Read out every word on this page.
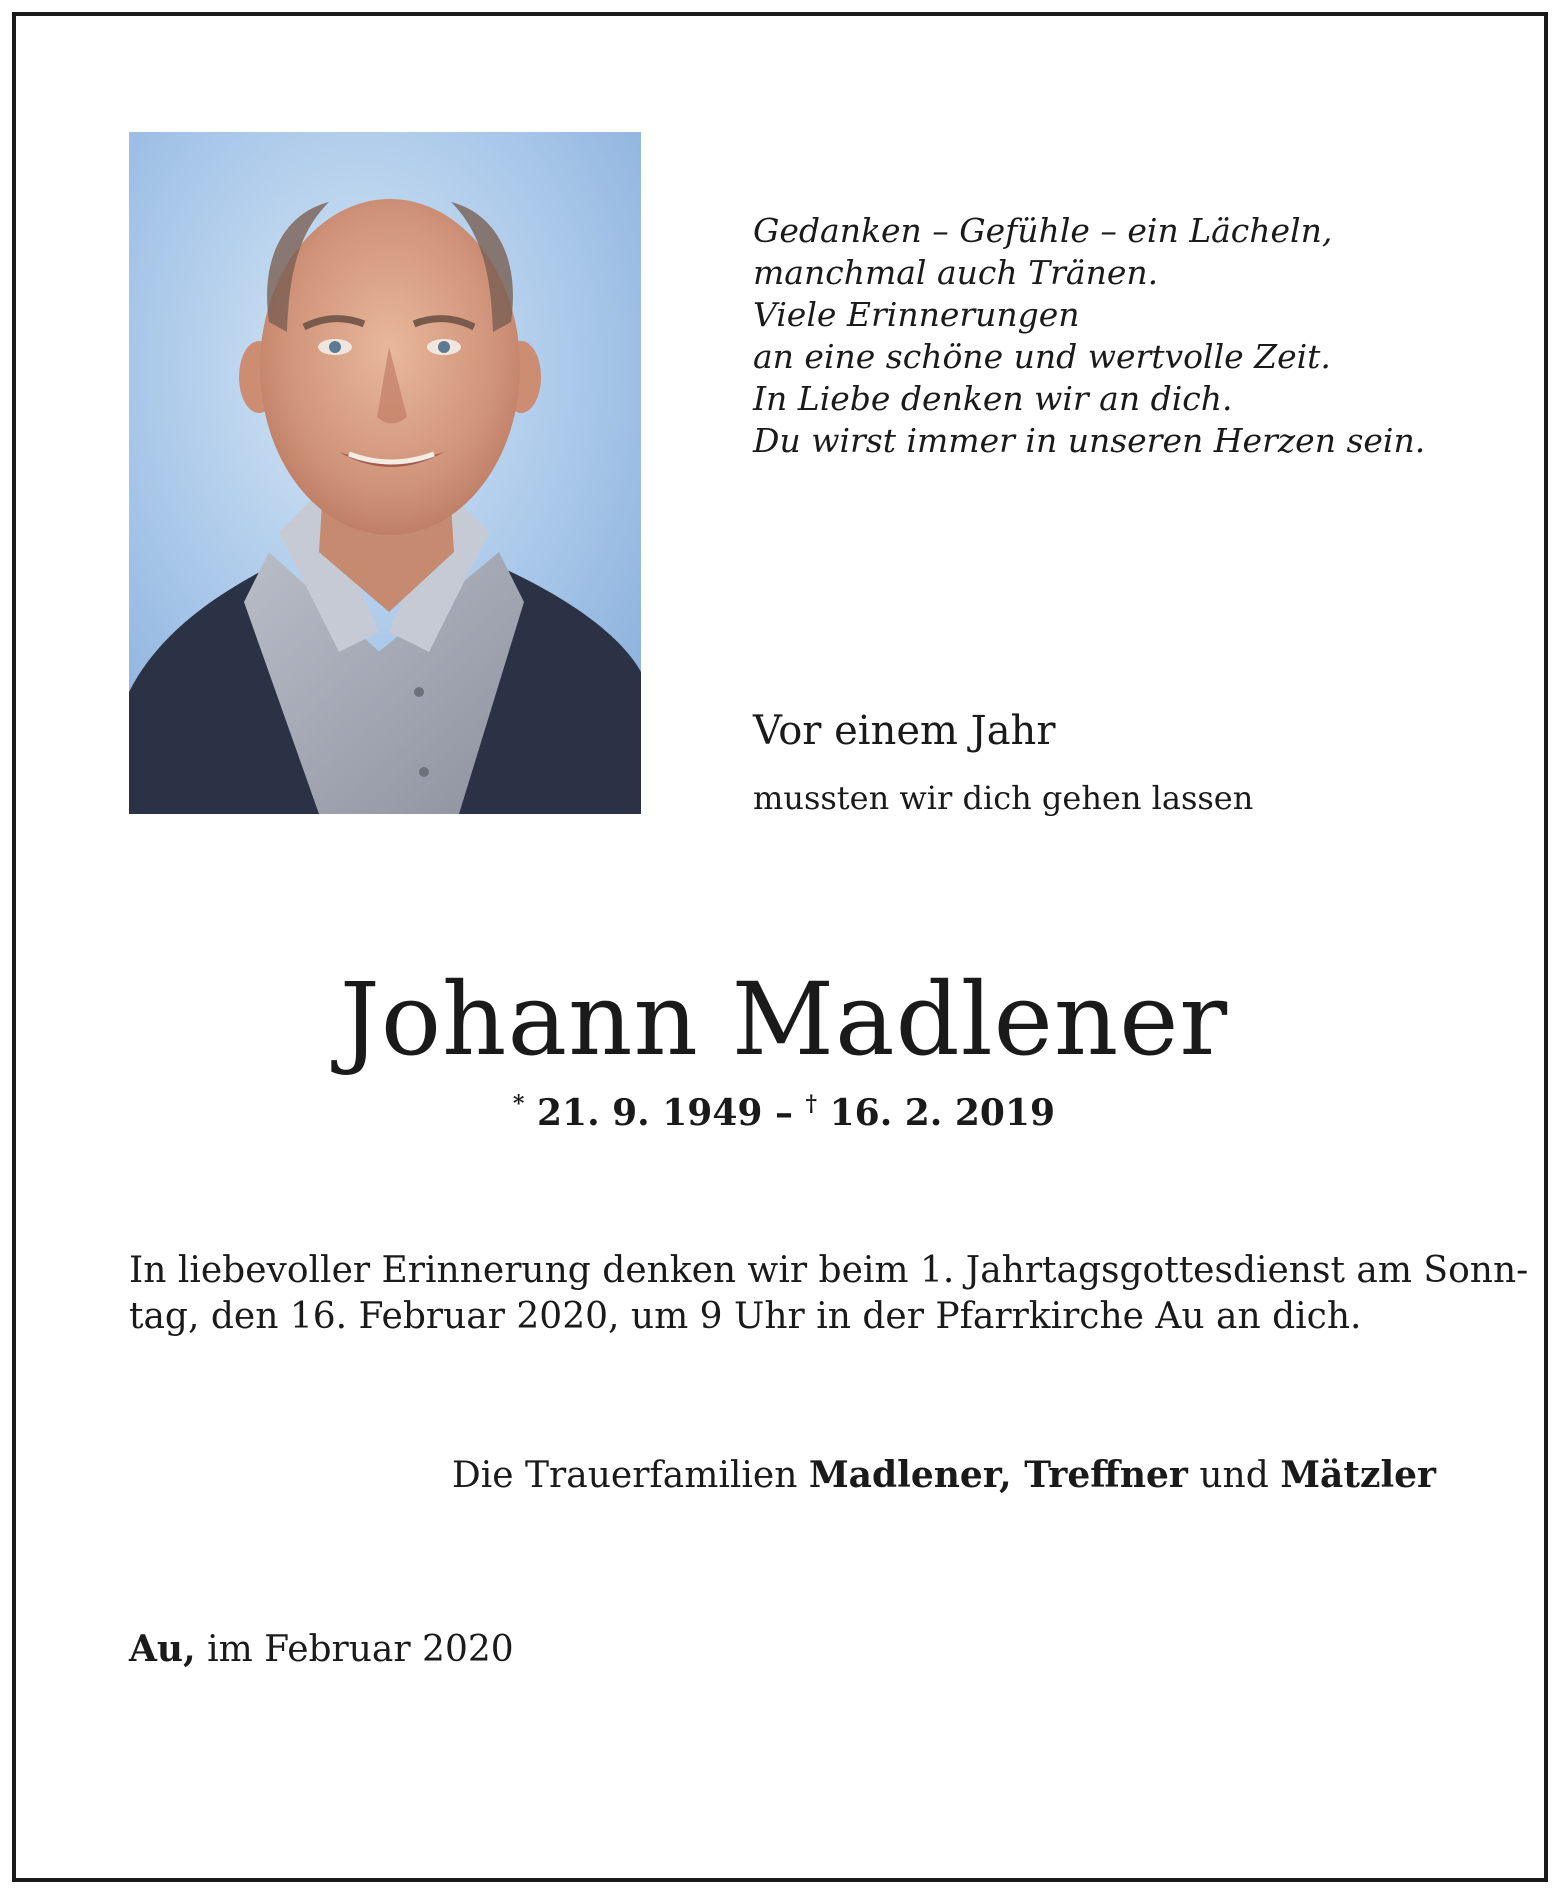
Gedanken – Gefühle – ein Lächeln,
manchmal auch Tränen.
Viele Erinnerungen
an eine schöne und wertvolle Zeit.
In Liebe denken wir an dich.
Du wirst immer in unseren Herzen sein.
Vor einem Jahr
mussten wir dich gehen lassen
Johann Madlener
* 21. 9. 1949 – † 16. 2. 2019
In liebevoller Erinnerung denken wir beim 1. Jahrtagsgottesdienst am Sonn-
tag, den 16. Februar 2020, um 9 Uhr in der Pfarrkirche Au an dich.
Die Trauerfamilien Madlener, Treffner und Mätzler
Au, im Februar 2020
